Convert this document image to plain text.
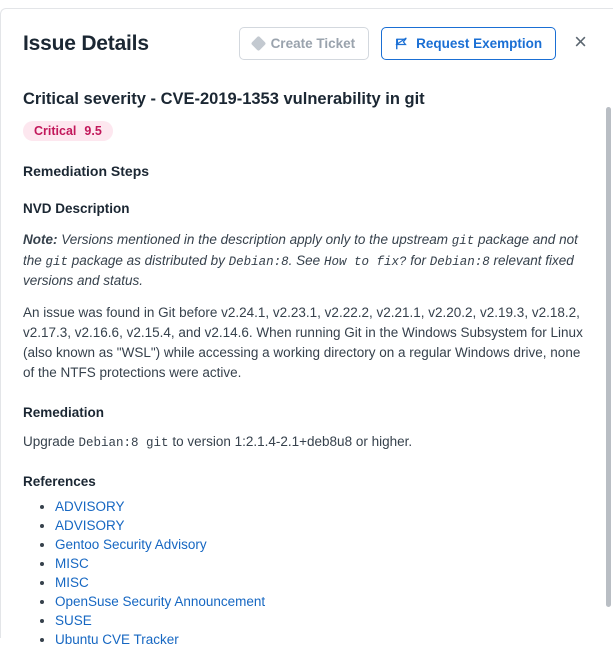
Issue Details	Create Ticket	Request Exemption ×
Critical severity - CVE-2019-1353 vulnerability in git
Critical 9.5
Remediation Steps
NVD Description

Note: Versions mentioned in the description apply only to the upstream git package and not the git package as distributed by Debian:8. See How to fix? for Debian:8 relevant fixed versions and status.

An issue was found in Git before v2.24.1, v2.23.1, v2.22.2, v2.21.1, v2.20.2, v2.19.3, v2.18.2, v2.17.3, v2.16.6, v2.15.4, and v2.14.6. When running Git in the Windows Subsystem for Linux (also known as "WSL") while accessing a working directory on a regular Windows drive, none of the NTFS protections were active.

Remediation

Upgrade Debian:8 git to version 1:2.1.4-2.1+deb8u8 or higher.

References
• ADVISORY
• ADVISORY
• Gentoo Security Advisory
• MISC
• MISC
• OpenSuse Security Announcement
• SUSE
• Ubuntu CVE Tracker
